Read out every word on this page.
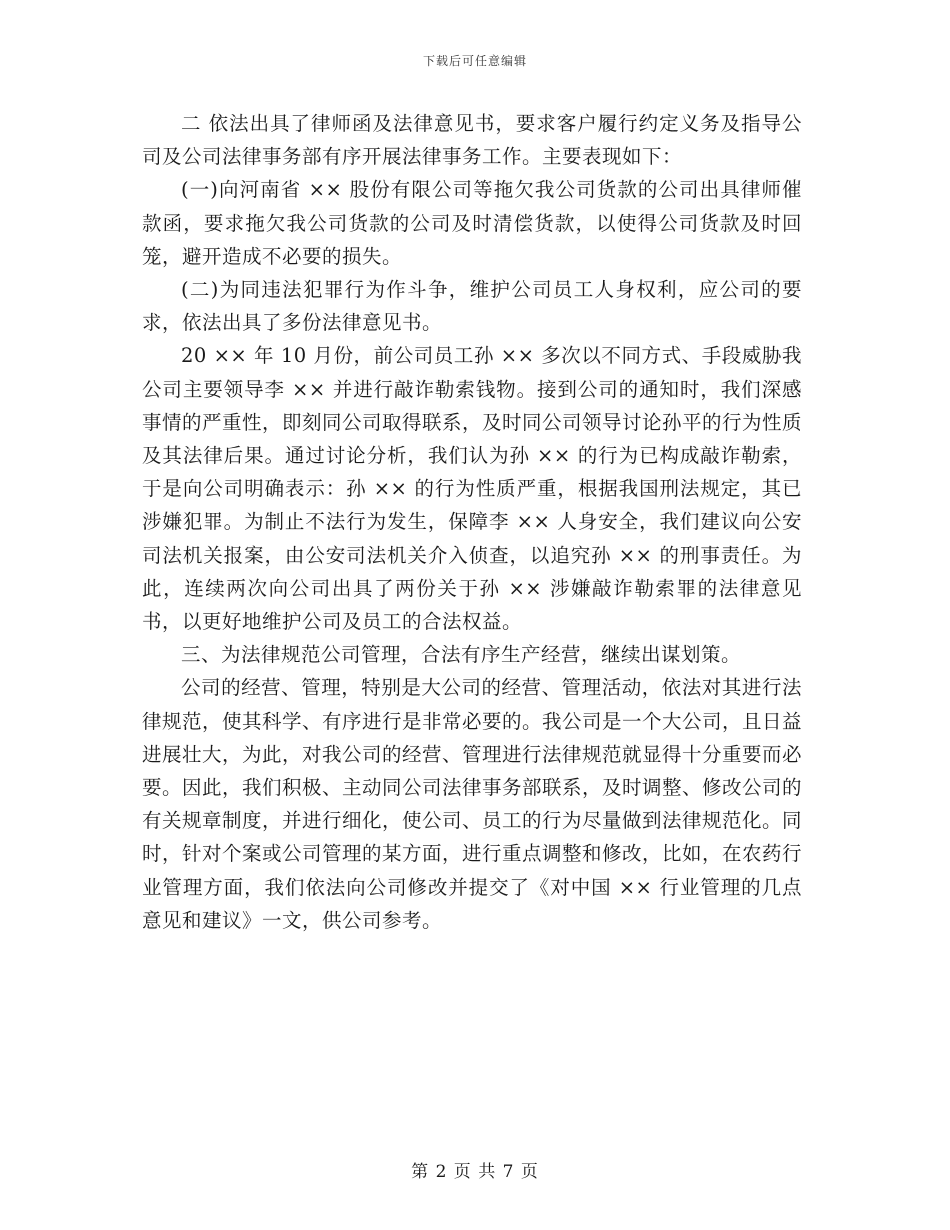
下载后可任意编辑

二 依法出具了律师函及法律意见书，要求客户履行约定义务及指导公司及公司法律事务部有序开展法律事务工作。主要表现如下：

(一)向河南省 ×× 股份有限公司等拖欠我公司货款的公司出具律师催款函，要求拖欠我公司货款的公司及时清偿货款，以使得公司货款及时回笼，避开造成不必要的损失。

(二)为同违法犯罪行为作斗争，维护公司员工人身权利，应公司的要求，依法出具了多份法律意见书。

20 ×× 年 10 月份，前公司员工孙 ×× 多次以不同方式、手段威胁我公司主要领导李 ×× 并进行敲诈勒索钱物。接到公司的通知时，我们深感事情的严重性，即刻同公司取得联系，及时同公司领导讨论孙平的行为性质及其法律后果。通过讨论分析，我们认为孙 ×× 的行为已构成敲诈勒索，于是向公司明确表示：孙 ×× 的行为性质严重，根据我国刑法规定，其已涉嫌犯罪。为制止不法行为发生，保障李 ×× 人身安全，我们建议向公安司法机关报案，由公安司法机关介入侦查，以追究孙 ×× 的刑事责任。为此，连续两次向公司出具了两份关于孙 ×× 涉嫌敲诈勒索罪的法律意见书，以更好地维护公司及员工的合法权益。

三、为法律规范公司管理，合法有序生产经营，继续出谋划策。

公司的经营、管理，特别是大公司的经营、管理活动，依法对其进行法律规范，使其科学、有序进行是非常必要的。我公司是一个大公司，且日益进展壮大，为此，对我公司的经营、管理进行法律规范就显得十分重要而必要。因此，我们积极、主动同公司法律事务部联系，及时调整、修改公司的有关规章制度，并进行细化，使公司、员工的行为尽量做到法律规范化。同时，针对个案或公司管理的某方面，进行重点调整和修改，比如，在农药行业管理方面，我们依法向公司修改并提交了《对中国 ×× 行业管理的几点意见和建议》一文，供公司参考。

第 2 页 共 7 页
